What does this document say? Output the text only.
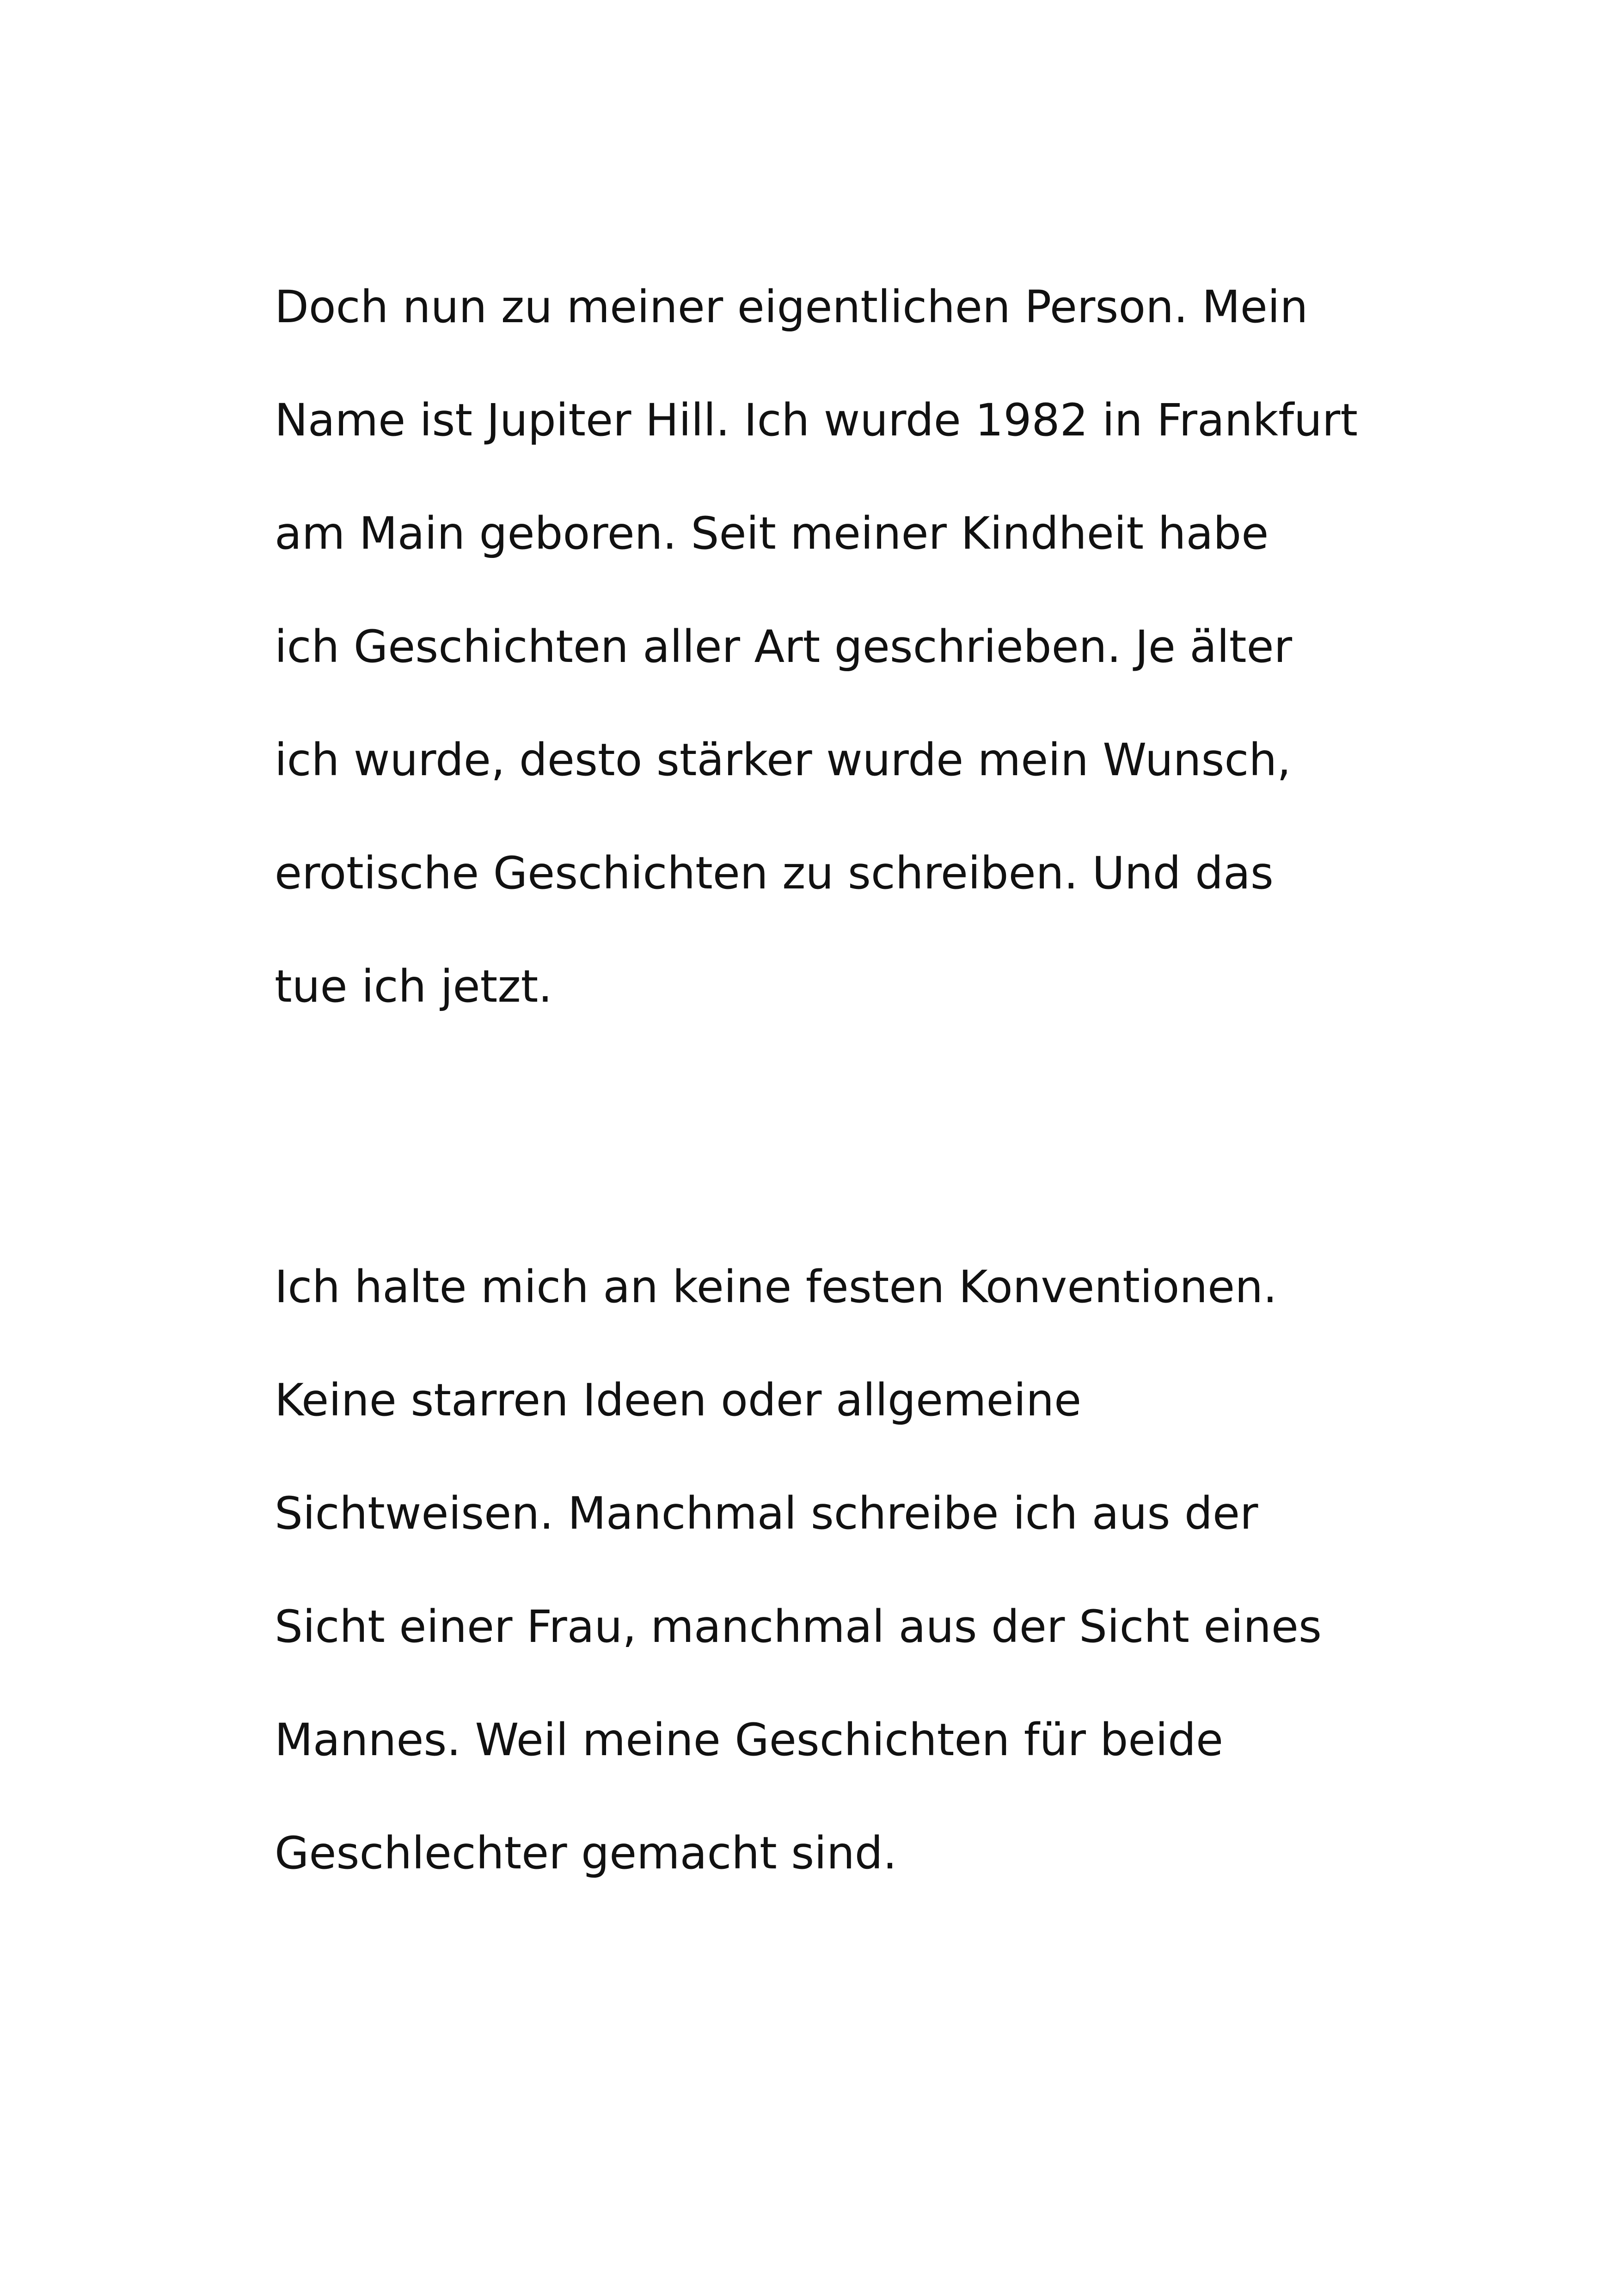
Doch nun zu meiner eigentlichen Person. Mein
Name ist Jupiter Hill. Ich wurde 1982 in Frankfurt
am Main geboren. Seit meiner Kindheit habe
ich Geschichten aller Art geschrieben. Je älter
ich wurde, desto stärker wurde mein Wunsch,
erotische Geschichten zu schreiben. Und das
tue ich jetzt.
Ich halte mich an keine festen Konventionen.
Keine starren Ideen oder allgemeine
Sichtweisen. Manchmal schreibe ich aus der
Sicht einer Frau, manchmal aus der Sicht eines
Mannes. Weil meine Geschichten für beide
Geschlechter gemacht sind.
